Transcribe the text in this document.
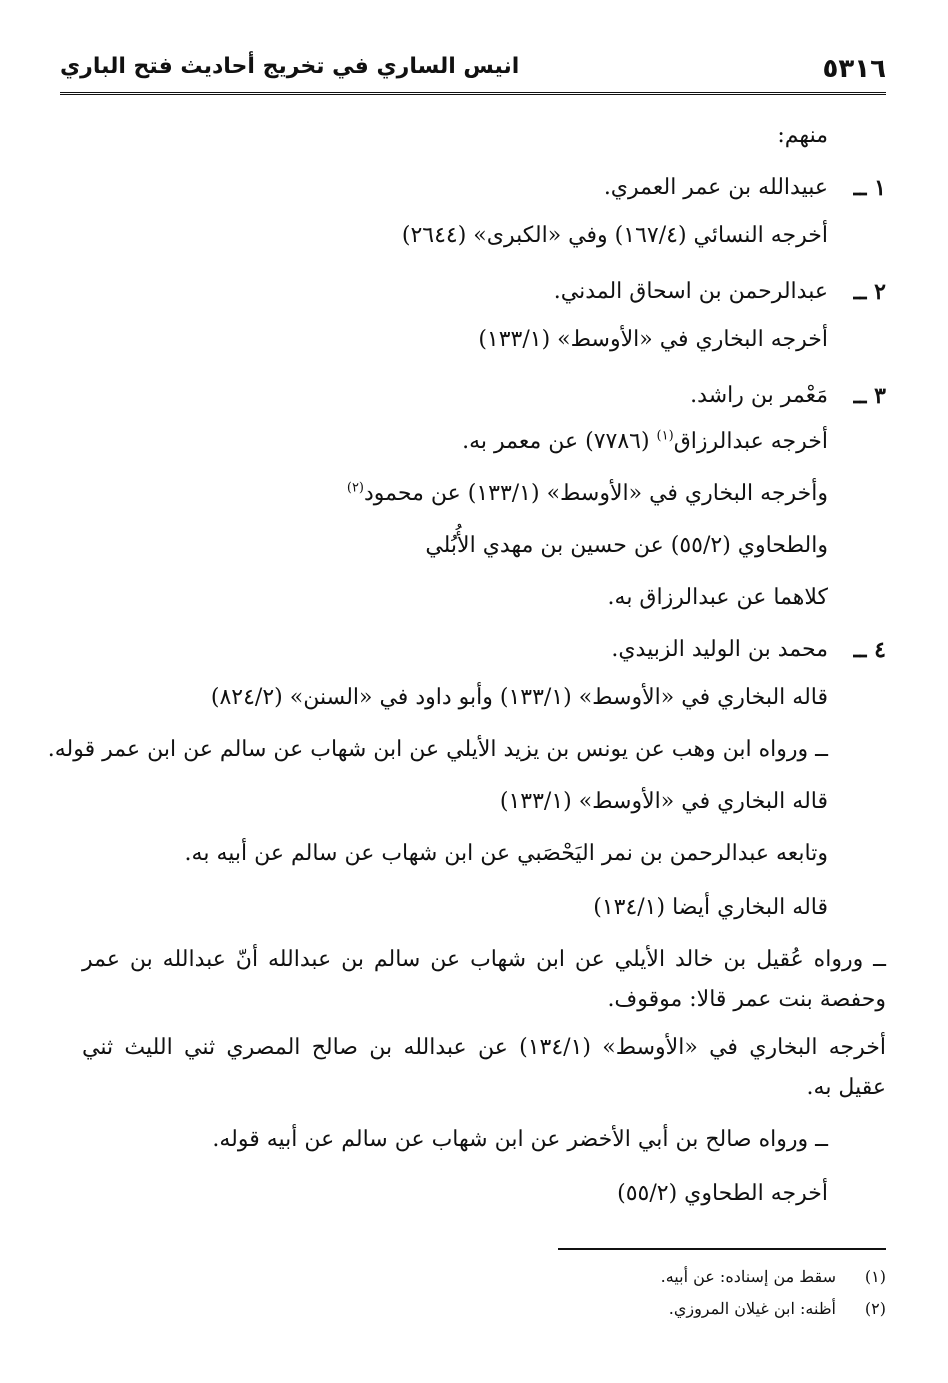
٥٣١٦
انيس الساري في تخريج أحاديث فتح الباري
منهم:
١ ــ
عبيدالله بن عمر العمري.
أخرجه النسائي (١٦٧/٤) وفي «الكبرى» (٢٦٤٤)
٢ ــ
عبدالرحمن بن اسحاق المدني.
أخرجه البخاري في «الأوسط» (١٣٣/١)
٣ ــ
مَعْمر بن راشد.
أخرجه عبدالرزاق$^{(١)}$ (٧٧٨٦) عن معمر به.
وأخرجه البخاري في «الأوسط» (١٣٣/١) عن محمود$^{(٢)}$
والطحاوي (٥٥/٢) عن حسين بن مهدي الأُبُلي
كلاهما عن عبدالرزاق به.
٤ ــ
محمد بن الوليد الزبيدي.
قاله البخاري في «الأوسط» (١٣٣/١) وأبو داود في «السنن» (٨٢٤/٢)
ــ ورواه ابن وهب عن يونس بن يزيد الأيلي عن ابن شهاب عن سالم عن ابن عمر قوله.
قاله البخاري في «الأوسط» (١٣٣/١)
وتابعه عبدالرحمن بن نمر اليَحْصَبي عن ابن شهاب عن سالم عن أبيه به.
قاله البخاري أيضا (١٣٤/١)
ــ ورواه عُقيل بن خالد الأيلي عن ابن شهاب عن سالم بن عبدالله أنّ عبدالله بن عمر وحفصة بنت عمر قالا: موقوف.
أخرجه البخاري في «الأوسط» (١٣٤/١) عن عبدالله بن صالح المصري ثني الليث ثني عقيل به.
ــ ورواه صالح بن أبي الأخضر عن ابن شهاب عن سالم عن أبيه قوله.
أخرجه الطحاوي (٥٥/٢)
(١)سقط من إسناده: عن أبيه.
(٢)أظنه: ابن غيلان المروزي.
